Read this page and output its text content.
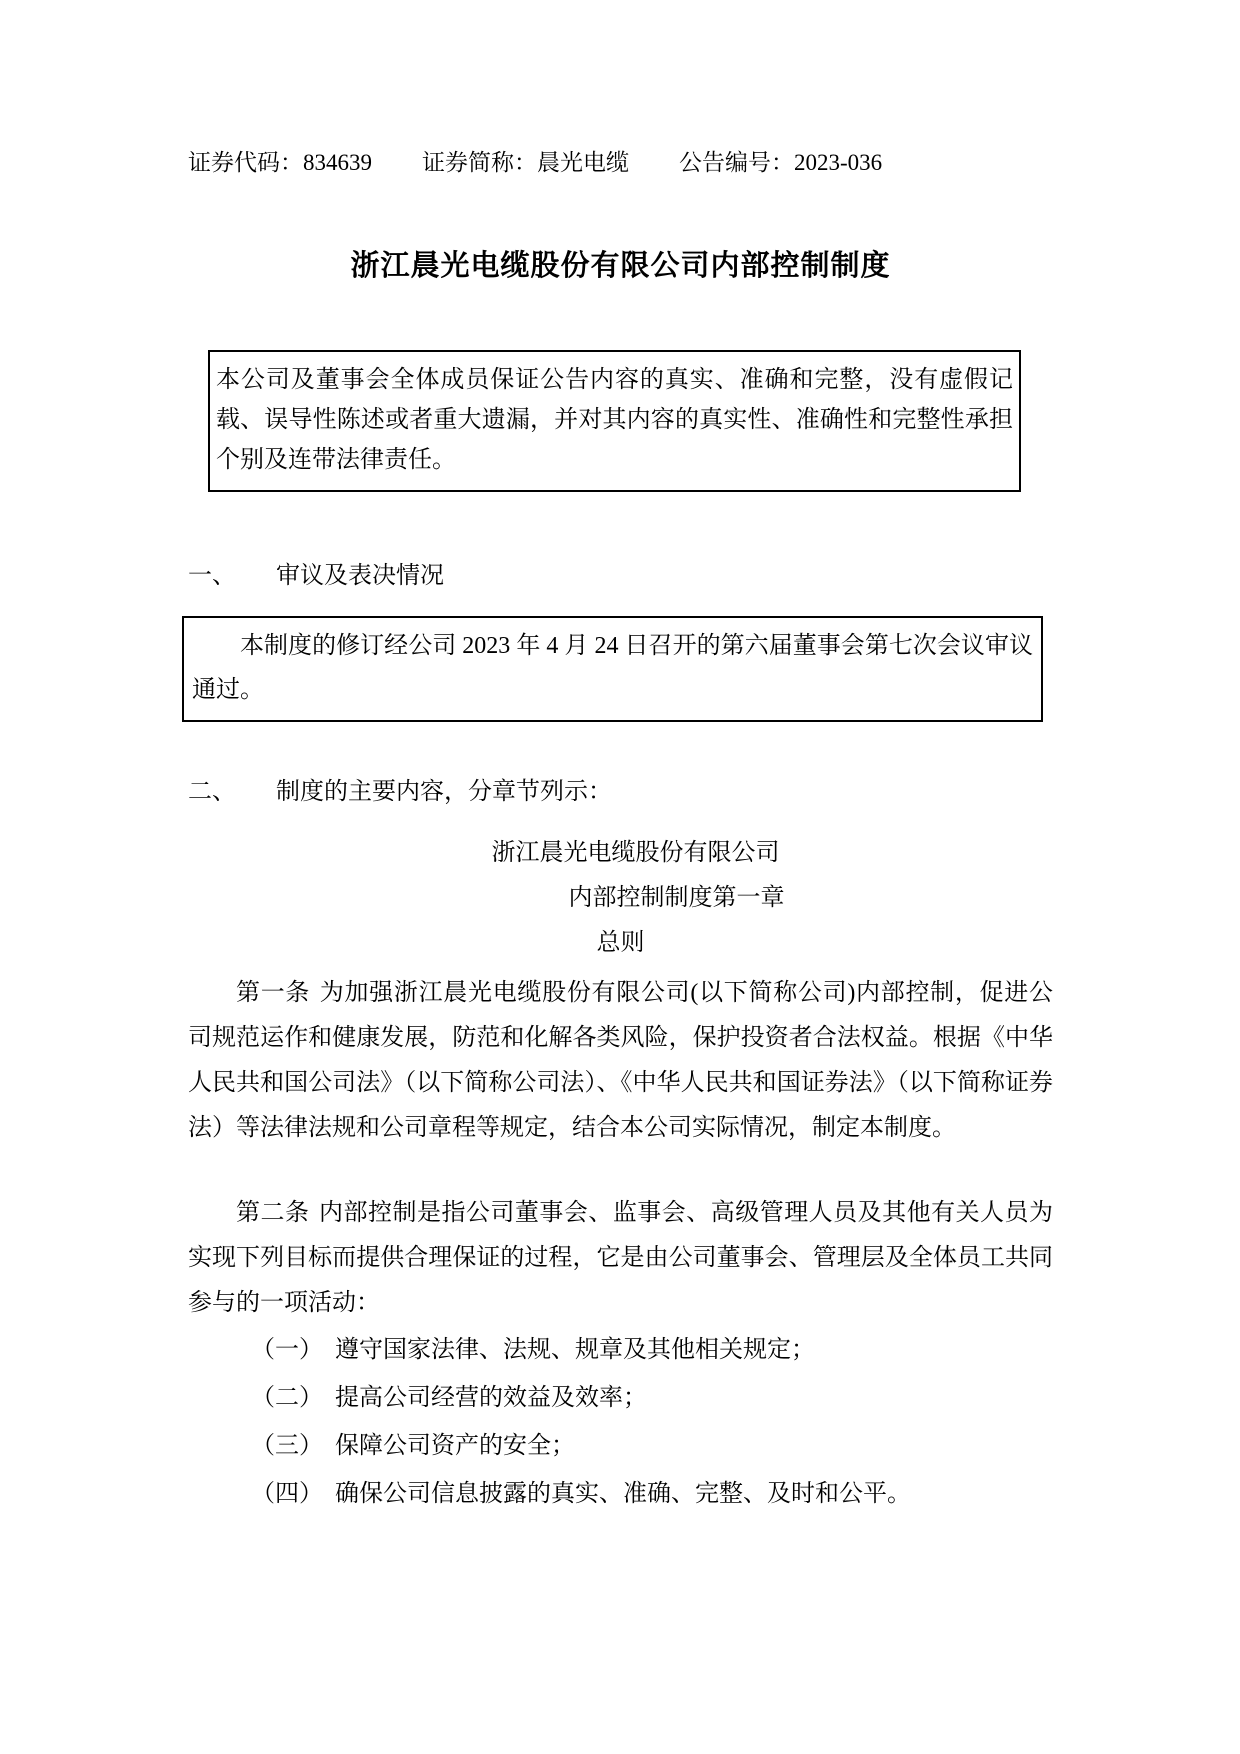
证券代码：834639 证券简称：晨光电缆 公告编号：2023-036
浙江晨光电缆股份有限公司内部控制制度

本公司及董事会全体成员保证公告内容的真实、准确和完整，没有虚假记载、误导性陈述或者重大遗漏，并对其内容的真实性、准确性和完整性承担个别及连带法律责任。

一、 审议及表决情况

本制度的修订经公司 2023 年 4 月 24 日召开的第六届董事会第七次会议审议通过。

二、 制度的主要内容，分章节列示：
浙江晨光电缆股份有限公司
内部控制制度第一章
总则

第一条 为加强浙江晨光电缆股份有限公司(以下简称公司)内部控制，促进公司规范运作和健康发展，防范和化解各类风险，保护投资者合法权益。根据《中华人民共和国公司法》（以下简称公司法）、《中华人民共和国证券法》（以下简称证券法）等法律法规和公司章程等规定，结合本公司实际情况，制定本制度。

第二条 内部控制是指公司董事会、监事会、高级管理人员及其他有关人员为实现下列目标而提供合理保证的过程，它是由公司董事会、管理层及全体员工共同参与的一项活动：

（一） 遵守国家法律、法规、规章及其他相关规定；
（二） 提高公司经营的效益及效率；
（三） 保障公司资产的安全；
（四） 确保公司信息披露的真实、准确、完整、及时和公平。
